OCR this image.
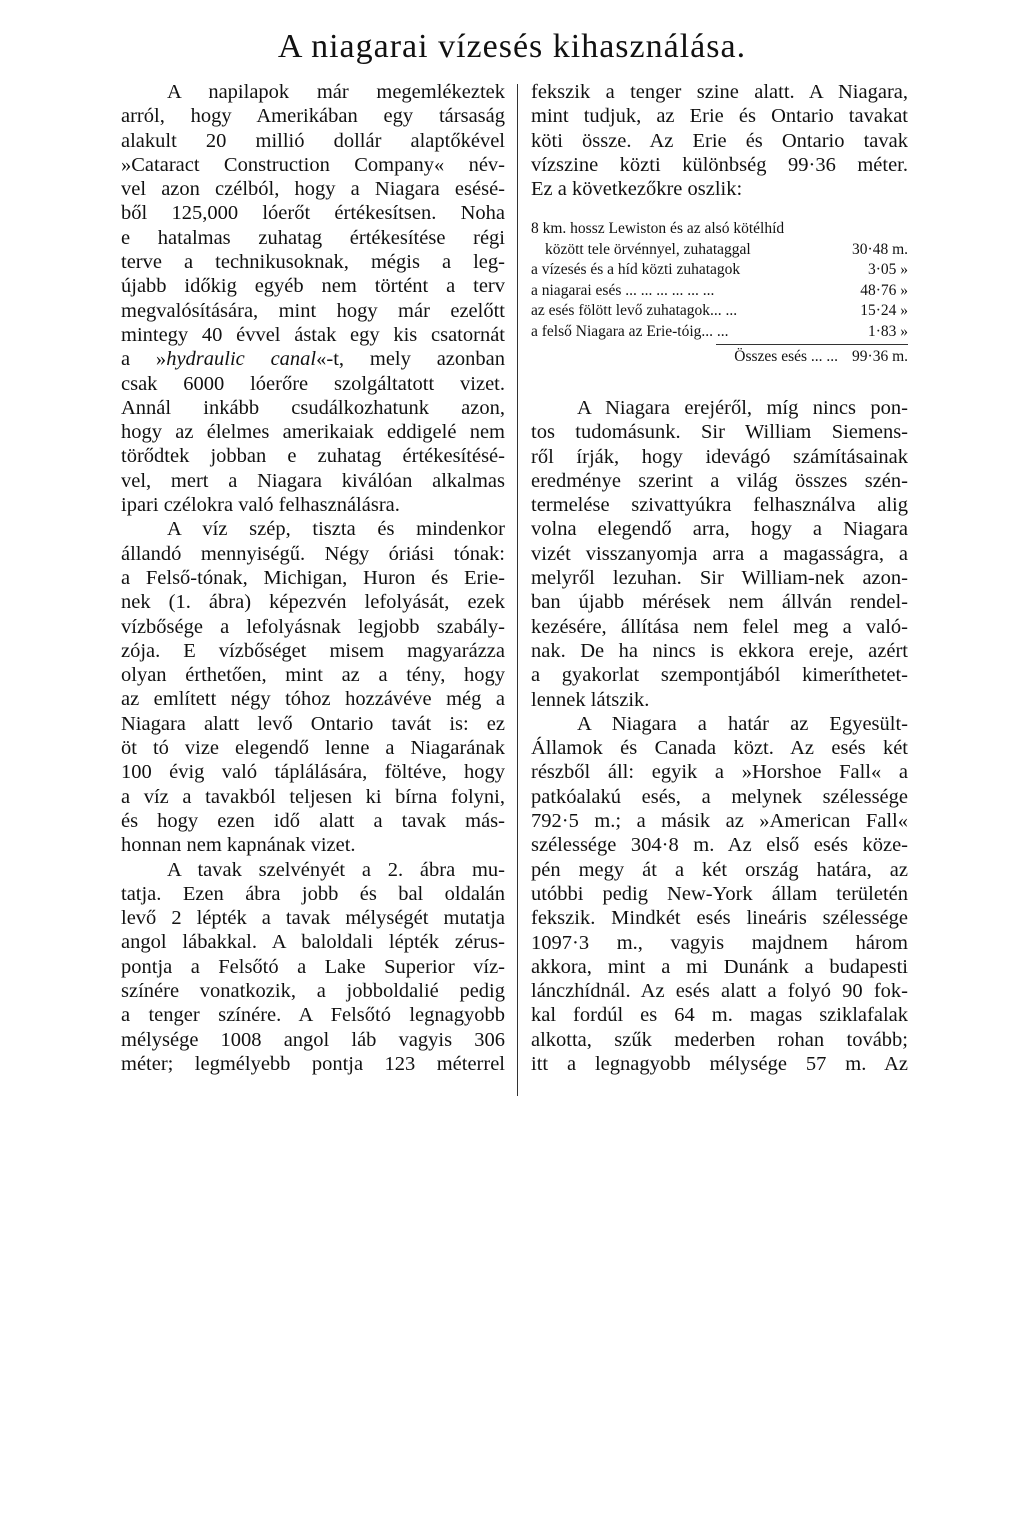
A niagarai vízesés kihasználása.
A napilapok már megemlékeztek
arról, hogy Amerikában egy társaság
alakult 20 millió dollár alaptőkével
»Cataract Construction Company« név-
vel azon czélból, hogy a Niagara esésé-
ből 125,000 lóerőt értékesítsen. Noha
e hatalmas zuhatag értékesítése régi
terve a technikusoknak, mégis a leg-
újabb időkig egyéb nem történt a terv
megvalósítására, mint hogy már ezelőtt
mintegy 40 évvel ástak egy kis csatornát
a »hydraulic canal«-t, mely azonban
csak 6000 lóerőre szolgáltatott vizet.
Annál inkább csudálkozhatunk azon,
hogy az élelmes amerikaiak eddigelé nem
törődtek jobban e zuhatag értékesítésé-
vel, mert a Niagara kiválóan alkalmas
ipari czélokra való felhasználásra.
A víz szép, tiszta és mindenkor
állandó mennyiségű. Négy óriási tónak:
a Felső-tónak, Michigan, Huron és Erie-
nek (1. ábra) képezvén lefolyását, ezek
vízbősége a lefolyásnak legjobb szabály-
zója. E vízbőséget misem magyarázza
olyan érthetően, mint az a tény, hogy
az említett négy tóhoz hozzávéve még a
Niagara alatt levő Ontario tavát is: ez
öt tó vize elegendő lenne a Niagarának
100 évig való táplálására, föltéve, hogy
a víz a tavakból teljesen ki bírna folyni,
és hogy ezen idő alatt a tavak más-
honnan nem kapnának vizet.
A tavak szelvényét a 2. ábra mu-
tatja. Ezen ábra jobb és bal oldalán
levő 2 lépték a tavak mélységét mutatja
angol lábakkal. A baloldali lépték zérus-
pontja a Felsőtó a Lake Superior víz-
színére vonatkozik, a jobboldalié pedig
a tenger színére. A Felsőtó legnagyobb
mélysége 1008 angol láb vagyis 306
méter; legmélyebb pontja 123 méterrel
fekszik a tenger szine alatt. A Niagara,
mint tudjuk, az Erie és Ontario tavakat
köti össze. Az Erie és Ontario tavak
vízszine közti különbség 99·36 méter.
Ez a következőkre oszlik:
8 km. hossz Lewiston és az alsó kötélhíd
között tele örvénnyel, zuhataggal	30·48 m.
a vízesés és a híd közti zuhatagok	3·05 »
a niagarai esés ... ... ... ... ... ...	48·76 »
az esés fölött levő zuhatagok... ...	15·24 »
a felső Niagara az Erie-tóig... ...	1·83 »
Összes esés ... ... 99·36 m.
A Niagara erejéről, míg nincs pon-
tos tudomásunk. Sir William Siemens-
ről írják, hogy idevágó számításainak
eredménye szerint a világ összes szén-
termelése szivattyúkra felhasználva alig
volna elegendő arra, hogy a Niagara
vizét visszanyomja arra a magasságra, a
melyről lezuhan. Sir William-nek azon-
ban újabb mérések nem állván rendel-
kezésére, állítása nem felel meg a való-
nak. De ha nincs is ekkora ereje, azért
a gyakorlat szempontjából kimeríthetet-
lennek látszik.
A Niagara a határ az Egyesült-
Államok és Canada közt. Az esés két
részből áll: egyik a »Horshoe Fall« a
patkóalakú esés, a melynek szélessége
792·5 m.; a másik az »American Fall«
szélessége 304·8 m. Az első esés köze-
pén megy át a két ország határa, az
utóbbi pedig New-York állam területén
fekszik. Mindkét esés lineáris szélessége
1097·3 m., vagyis majdnem három
akkora, mint a mi Dunánk a budapesti
lánczhídnál. Az esés alatt a folyó 90 fok-
kal fordúl es 64 m. magas sziklafalak
alkotta, szűk mederben rohan tovább;
itt a legnagyobb mélysége 57 m. Az
